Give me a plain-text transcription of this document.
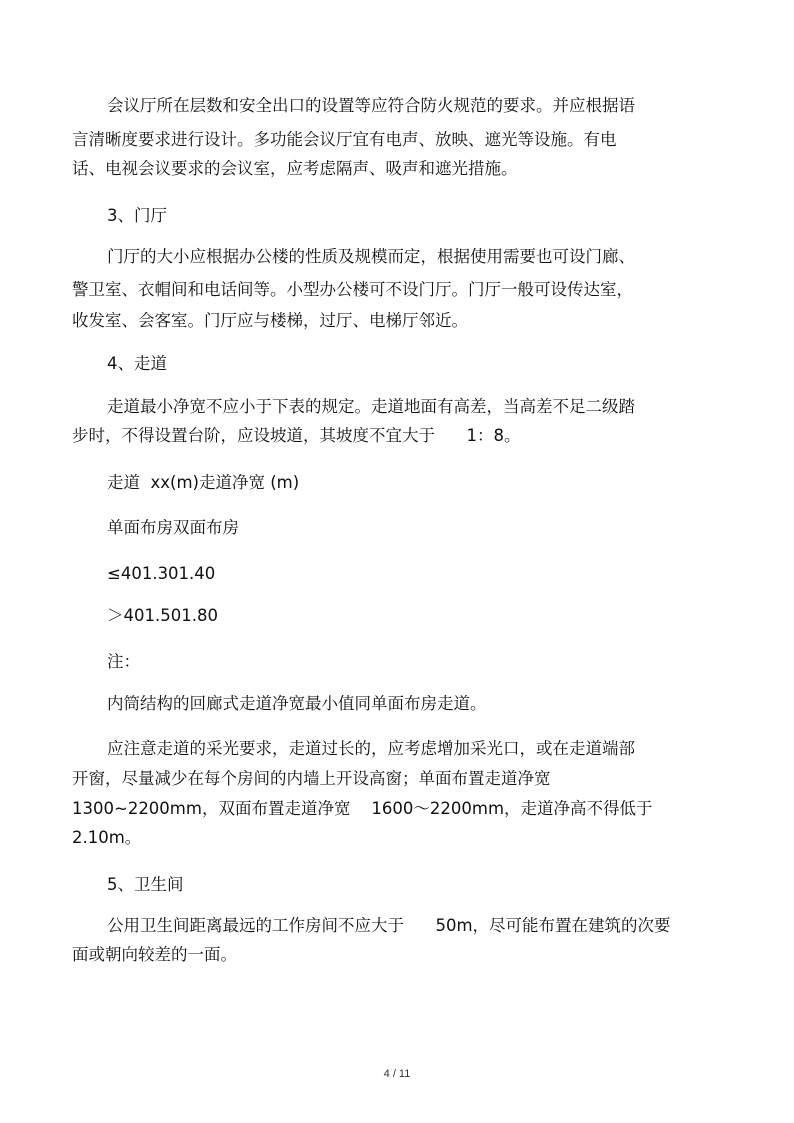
会议厅所在层数和安全出口的设置等应符合防火规范的要求。并应根据语
言清晰度要求进行设计。多功能会议厅宜有电声、放映、遮光等设施。有电
话、电视会议要求的会议室，应考虑隔声、吸声和遮光措施。
3、门厅
门厅的大小应根据办公楼的性质及规模而定，根据使用需要也可设门廊、
警卫室、衣帽间和电话间等。小型办公楼可不设门厅。门厅一般可设传达室，
收发室、会客室。门厅应与楼梯，过厅、电梯厅邻近。
4、走道
走道最小净宽不应小于下表的规定。走道地面有高差，当高差不足二级踏
步时，不得设置台阶，应设坡道，其坡度不宜大于      1：8。
走道  xx(m)走道净宽 (m)
单面布房双面布房
≤401.301.40
＞401.501.80
注：
内筒结构的回廊式走道净宽最小值同单面布房走道。
应注意走道的采光要求，走道过长的，应考虑增加采光口，或在走道端部
开窗，尽量减少在每个房间的内墙上开设高窗；单面布置走道净宽
1300~2200mm，双面布置走道净宽    1600～2200mm，走道净高不得低于
2.10m。
5、卫生间
公用卫生间距离最远的工作房间不应大于      50m，尽可能布置在建筑的次要
面或朝向较差的一面。
4 / 11
